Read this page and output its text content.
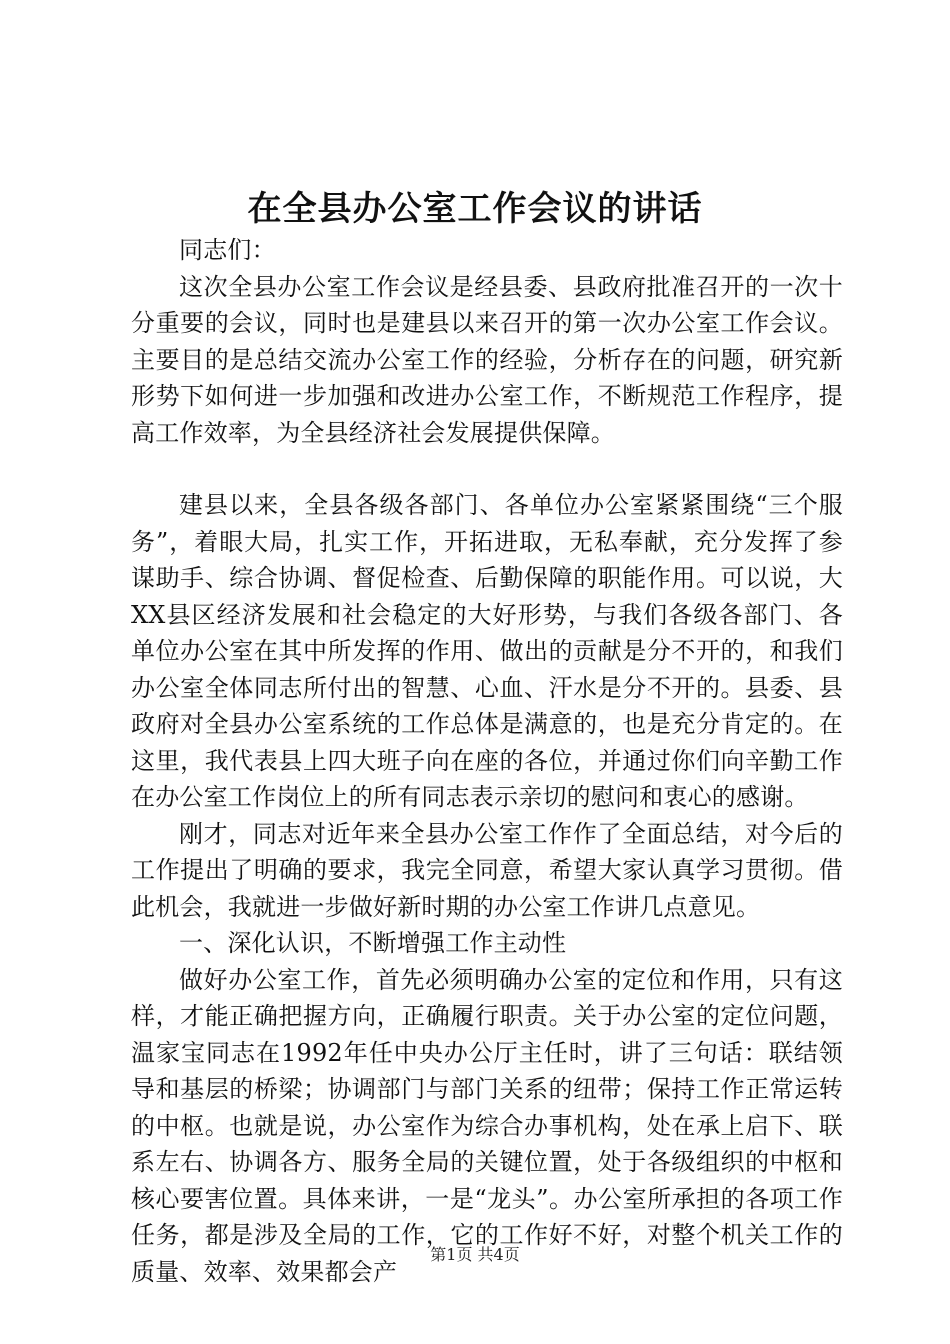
在全县办公室工作会议的讲话

同志们：

这次全县办公室工作会议是经县委、县政府批准召开的一次十分重要的会议，同时也是建县以来召开的第一次办公室工作会议。主要目的是总结交流办公室工作的经验，分析存在的问题，研究新形势下如何进一步加强和改进办公室工作，不断规范工作程序，提高工作效率，为全县经济社会发展提供保障。

建县以来，全县各级各部门、各单位办公室紧紧围绕“三个服务”，着眼大局，扎实工作，开拓进取，无私奉献，充分发挥了参谋助手、综合协调、督促检查、后勤保障的职能作用。可以说，大XX县区经济发展和社会稳定的大好形势，与我们各级各部门、各单位办公室在其中所发挥的作用、做出的贡献是分不开的，和我们办公室全体同志所付出的智慧、心血、汗水是分不开的。县委、县政府对全县办公室系统的工作总体是满意的，也是充分肯定的。在这里，我代表县上四大班子向在座的各位，并通过你们向辛勤工作在办公室工作岗位上的所有同志表示亲切的慰问和衷心的感谢。

刚才，同志对近年来全县办公室工作作了全面总结，对今后的工作提出了明确的要求，我完全同意，希望大家认真学习贯彻。借此机会，我就进一步做好新时期的办公室工作讲几点意见。

一、深化认识，不断增强工作主动性

做好办公室工作，首先必须明确办公室的定位和作用，只有这样，才能正确把握方向，正确履行职责。关于办公室的定位问题，温家宝同志在1992年任中央办公厅主任时，讲了三句话：联结领导和基层的桥梁；协调部门与部门关系的纽带；保持工作正常运转的中枢。也就是说，办公室作为综合办事机构，处在承上启下、联系左右、协调各方、服务全局的关键位置，处于各级组织的中枢和核心要害位置。具体来讲，一是“龙头”。办公室所承担的各项工作任务，都是涉及全局的工作，它的工作好不好，对整个机关工作的质量、效率、效果都会产

第1页 共4页
